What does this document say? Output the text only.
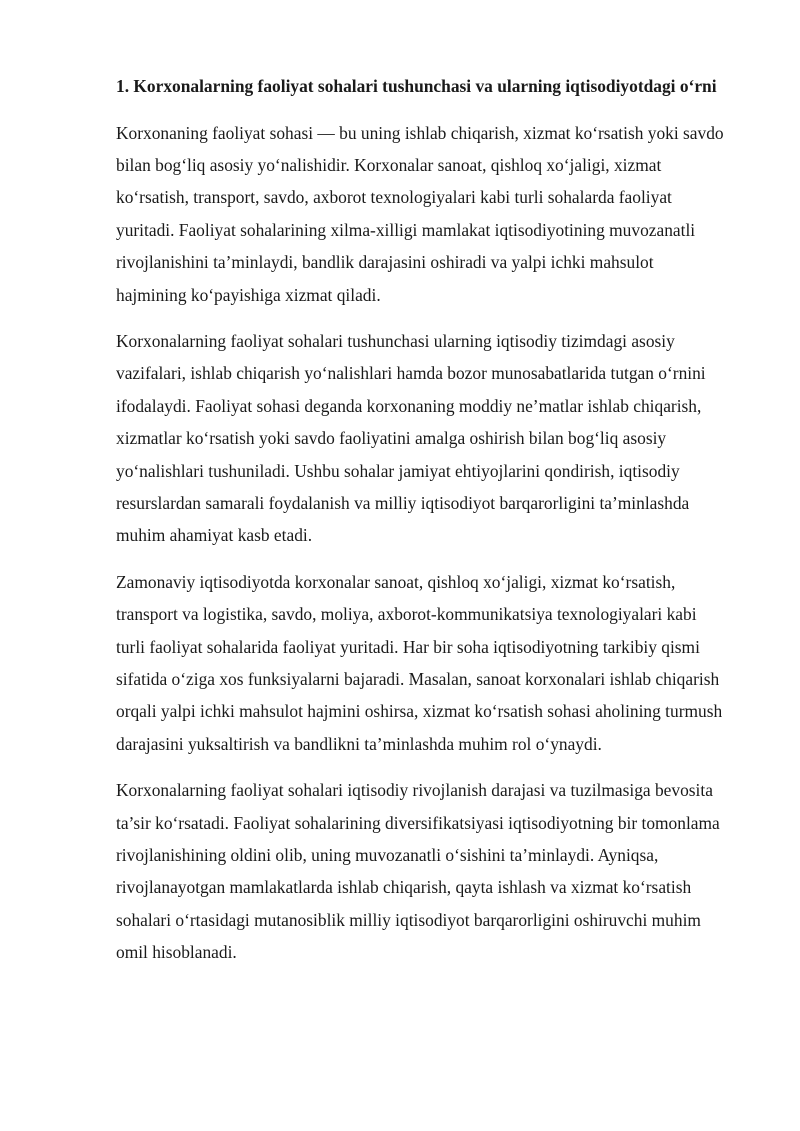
1. Korxonalarning faoliyat sohalari tushunchasi va ularning iqtisodiyotdagi o‘rni

Korxonaning faoliyat sohasi — bu uning ishlab chiqarish, xizmat ko‘rsatish yoki savdo bilan bog‘liq asosiy yo‘nalishidir. Korxonalar sanoat, qishloq xo‘jaligi, xizmat ko‘rsatish, transport, savdo, axborot texnologiyalari kabi turli sohalarda faoliyat yuritadi. Faoliyat sohalarining xilma-xilligi mamlakat iqtisodiyotining muvozanatli rivojlanishini ta’minlaydi, bandlik darajasini oshiradi va yalpi ichki mahsulot hajmining ko‘payishiga xizmat qiladi.

Korxonalarning faoliyat sohalari tushunchasi ularning iqtisodiy tizimdagi asosiy vazifalari, ishlab chiqarish yo‘nalishlari hamda bozor munosabatlarida tutgan o‘rnini ifodalaydi. Faoliyat sohasi deganda korxonaning moddiy ne’matlar ishlab chiqarish, xizmatlar ko‘rsatish yoki savdo faoliyatini amalga oshirish bilan bog‘liq asosiy yo‘nalishlari tushuniladi. Ushbu sohalar jamiyat ehtiyojlarini qondirish, iqtisodiy resurslardan samarali foydalanish va milliy iqtisodiyot barqarorligini ta’minlashda muhim ahamiyat kasb etadi.

Zamonaviy iqtisodiyotda korxonalar sanoat, qishloq xo‘jaligi, xizmat ko‘rsatish, transport va logistika, savdo, moliya, axborot-kommunikatsiya texnologiyalari kabi turli faoliyat sohalarida faoliyat yuritadi. Har bir soha iqtisodiyotning tarkibiy qismi sifatida o‘ziga xos funksiyalarni bajaradi. Masalan, sanoat korxonalari ishlab chiqarish orqali yalpi ichki mahsulot hajmini oshirsa, xizmat ko‘rsatish sohasi aholining turmush darajasini yuksaltirish va bandlikni ta’minlashda muhim rol o‘ynaydi.

Korxonalarning faoliyat sohalari iqtisodiy rivojlanish darajasi va tuzilmasiga bevosita ta’sir ko‘rsatadi. Faoliyat sohalarining diversifikatsiyasi iqtisodiyotning bir tomonlama rivojlanishining oldini olib, uning muvozanatli o‘sishini ta’minlaydi. Ayniqsa, rivojlanayotgan mamlakatlarda ishlab chiqarish, qayta ishlash va xizmat ko‘rsatish sohalari o‘rtasidagi mutanosiblik milliy iqtisodiyot barqarorligini oshiruvchi muhim omil hisoblanadi.
